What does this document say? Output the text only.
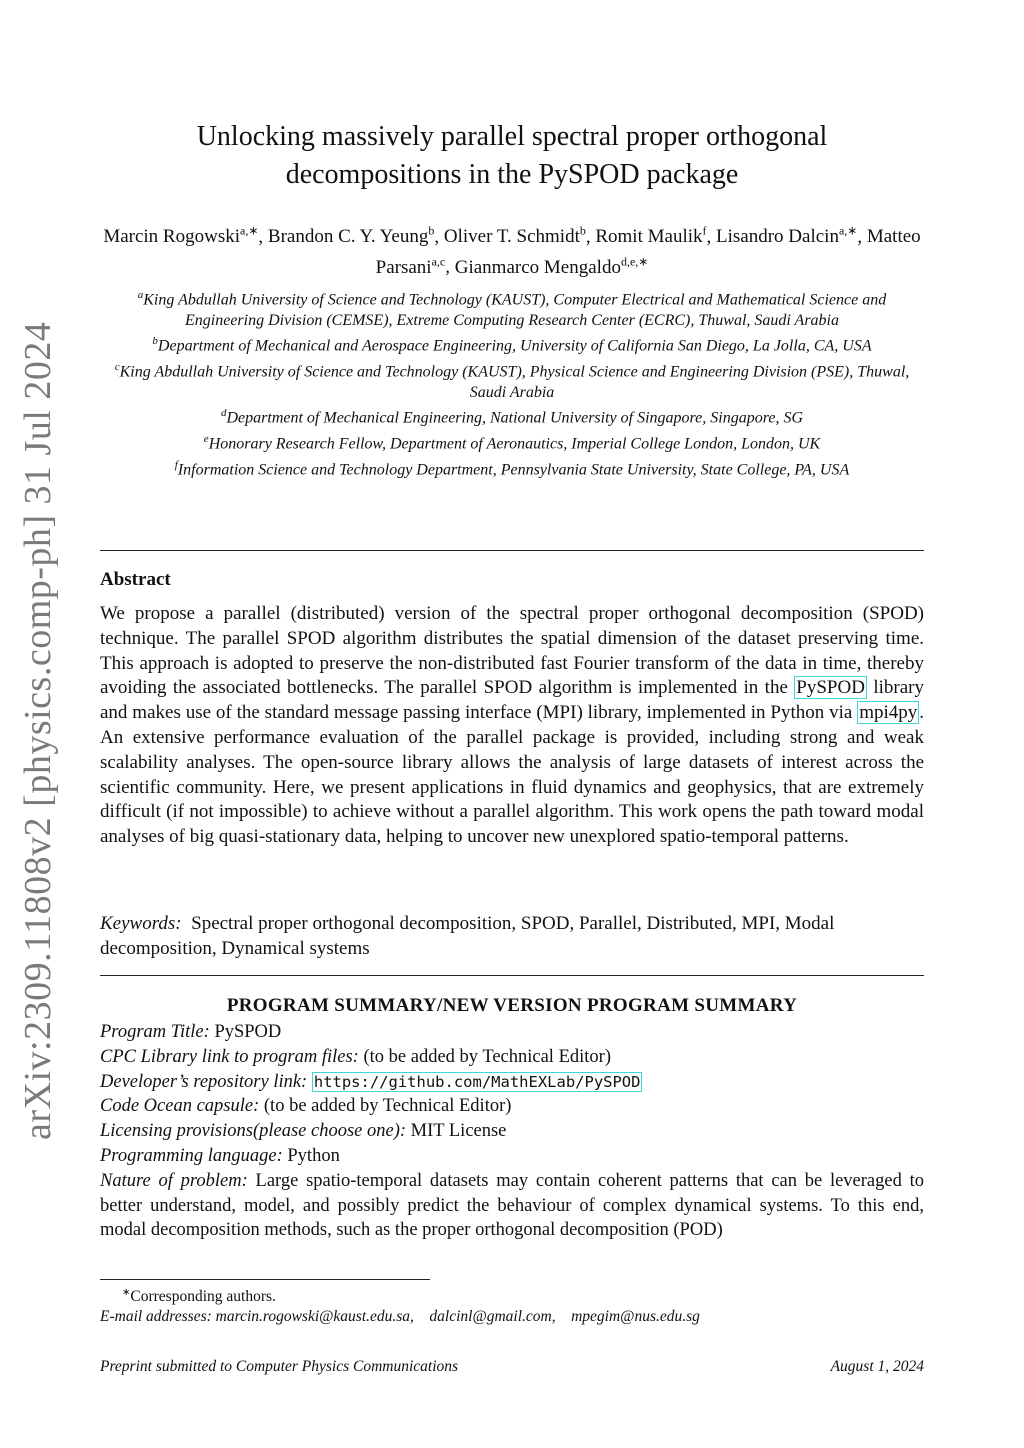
arXiv:2309.11808v2 [physics.comp-ph] 31 Jul 2024
Unlocking massively parallel spectral proper orthogonal
decompositions in the PySPOD package
Marcin Rogowski$^{a,∗}$, Brandon C. Y. Yeung$^b$, Oliver T. Schmidt$^b$, Romit Maulik$^f$, Lisandro Dalcin$^{a,∗}$, Matteo Parsani$^{a,c}$, Gianmarco Mengaldo$^{d,e,∗}$
$^a$King Abdullah University of Science and Technology (KAUST), Computer Electrical and Mathematical Science and Engineering Division (CEMSE), Extreme Computing Research Center (ECRC), Thuwal, Saudi Arabia
$^b$Department of Mechanical and Aerospace Engineering, University of California San Diego, La Jolla, CA, USA
$^c$King Abdullah University of Science and Technology (KAUST), Physical Science and Engineering Division (PSE), Thuwal, Saudi Arabia
$^d$Department of Mechanical Engineering, National University of Singapore, Singapore, SG
$^e$Honorary Research Fellow, Department of Aeronautics, Imperial College London, London, UK
$^f$Information Science and Technology Department, Pennsylvania State University, State College, PA, USA
Abstract
We propose a parallel (distributed) version of the spectral proper orthogonal decomposition (SPOD) technique. The parallel SPOD algorithm distributes the spatial dimension of the dataset preserving time. This approach is adopted to preserve the non-distributed fast Fourier transform of the data in time, thereby avoiding the associated bottlenecks. The parallel SPOD algorithm is implemented in the PySPOD library and makes use of the standard message passing interface (MPI) library, implemented in Python via mpi4py . An extensive performance evaluation of the parallel package is provided, including strong and weak scalability analyses. The open-source library allows the analysis of large datasets of interest across the scientific community. Here, we present applications in fluid dynamics and geophysics, that are extremely difficult (if not impossible) to achieve without a parallel algorithm. This work opens the path toward modal analyses of big quasi-stationary data, helping to uncover new unexplored spatio-temporal patterns.
Keywords: Spectral proper orthogonal decomposition, SPOD, Parallel, Distributed, MPI, Modal decomposition, Dynamical systems
PROGRAM SUMMARY/NEW VERSION PROGRAM SUMMARY
Program Title: PySPOD
CPC Library link to program files: (to be added by Technical Editor)
Developer’s repository link: https://github.com/MathEXLab/PySPOD
Code Ocean capsule: (to be added by Technical Editor)
Licensing provisions(please choose one): MIT License
Programming language: Python
Nature of problem: Large spatio-temporal datasets may contain coherent patterns that can be leveraged to better understand, model, and possibly predict the behaviour of complex dynamical systems. To this end, modal decomposition methods, such as the proper orthogonal decomposition (POD)
∗Corresponding authors.
E-mail addresses: marcin.rogowski@kaust.edu.sa, dalcinl@gmail.com, mpegim@nus.edu.sg
Preprint submitted to Computer Physics Communications	August 1, 2024
